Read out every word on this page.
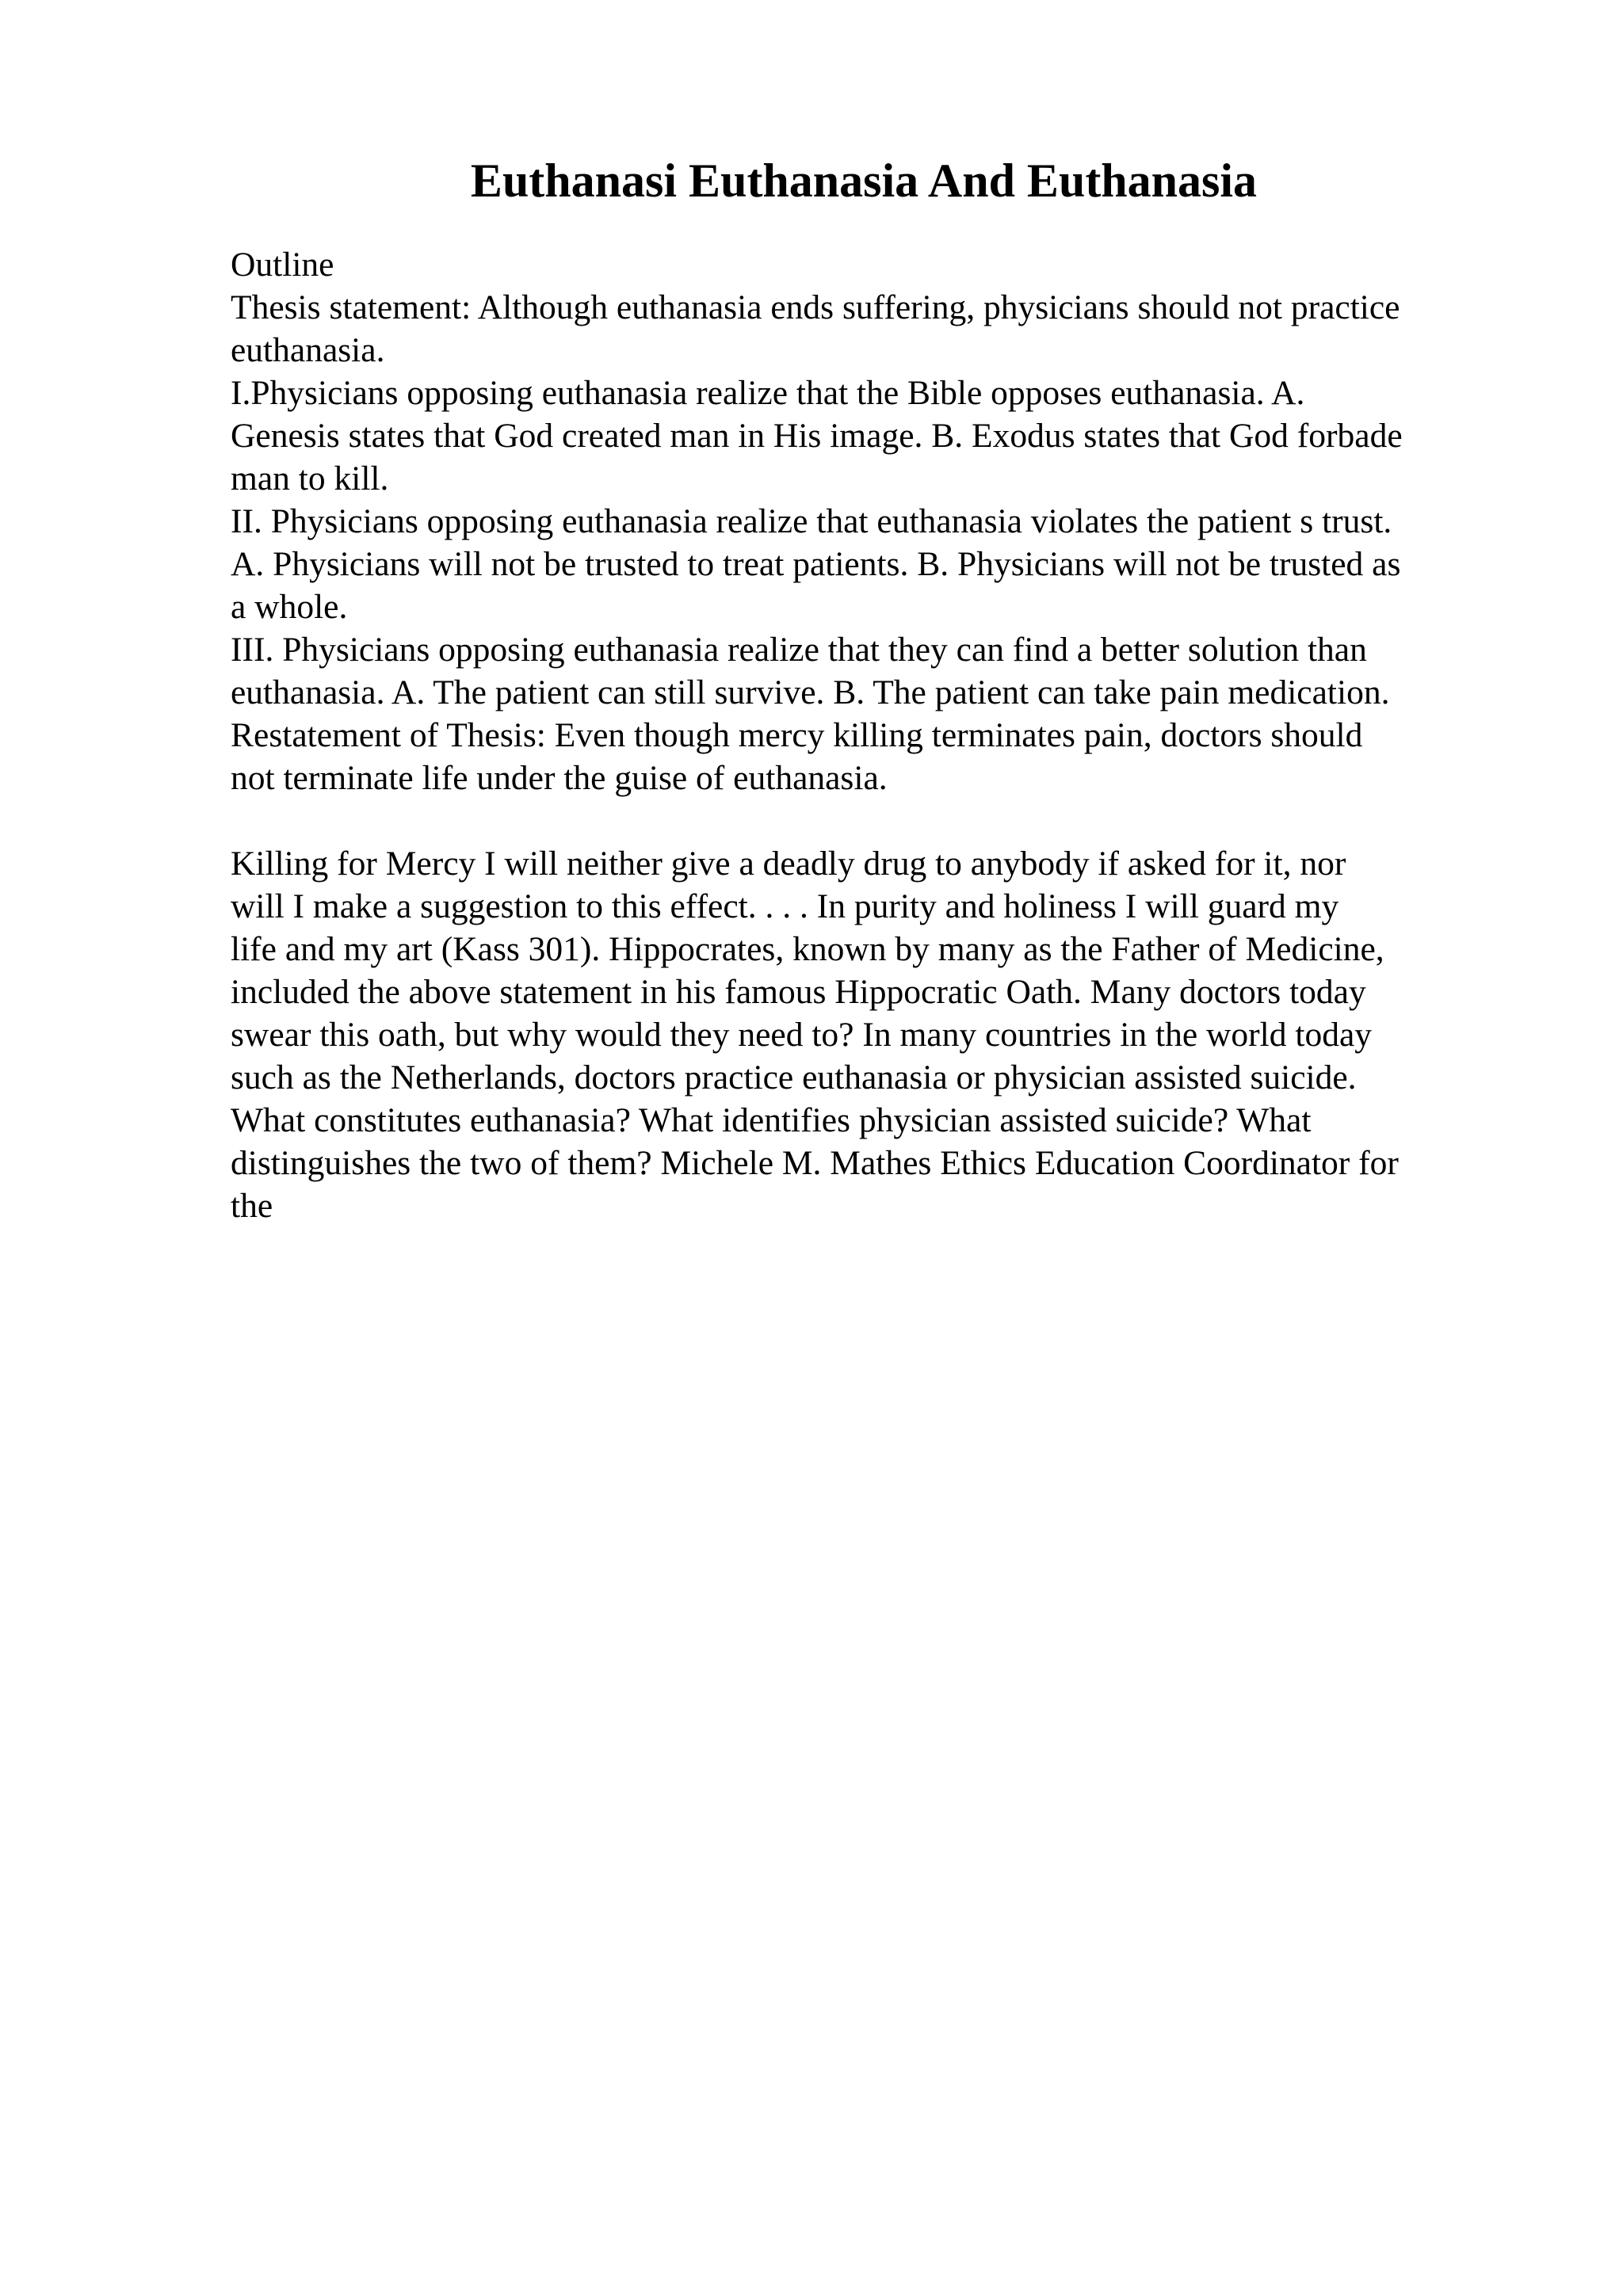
Euthanasi Euthanasia And Euthanasia
Outline
Thesis statement: Although euthanasia ends suffering, physicians should not practice
euthanasia.
I.Physicians opposing euthanasia realize that the Bible opposes euthanasia. A.
Genesis states that God created man in His image. B. Exodus states that God forbade
man to kill.
II. Physicians opposing euthanasia realize that euthanasia violates the patient s trust.
A. Physicians will not be trusted to treat patients. B. Physicians will not be trusted as
a whole.
III. Physicians opposing euthanasia realize that they can find a better solution than
euthanasia. A. The patient can still survive. B. The patient can take pain medication.
Restatement of Thesis: Even though mercy killing terminates pain, doctors should
not terminate life under the guise of euthanasia.
Killing for Mercy I will neither give a deadly drug to anybody if asked for it, nor
will I make a suggestion to this effect. . . . In purity and holiness I will guard my
life and my art (Kass 301). Hippocrates, known by many as the Father of Medicine,
included the above statement in his famous Hippocratic Oath. Many doctors today
swear this oath, but why would they need to? In many countries in the world today
such as the Netherlands, doctors practice euthanasia or physician assisted suicide.
What constitutes euthanasia? What identifies physician assisted suicide? What
distinguishes the two of them? Michele M. Mathes Ethics Education Coordinator for
the
